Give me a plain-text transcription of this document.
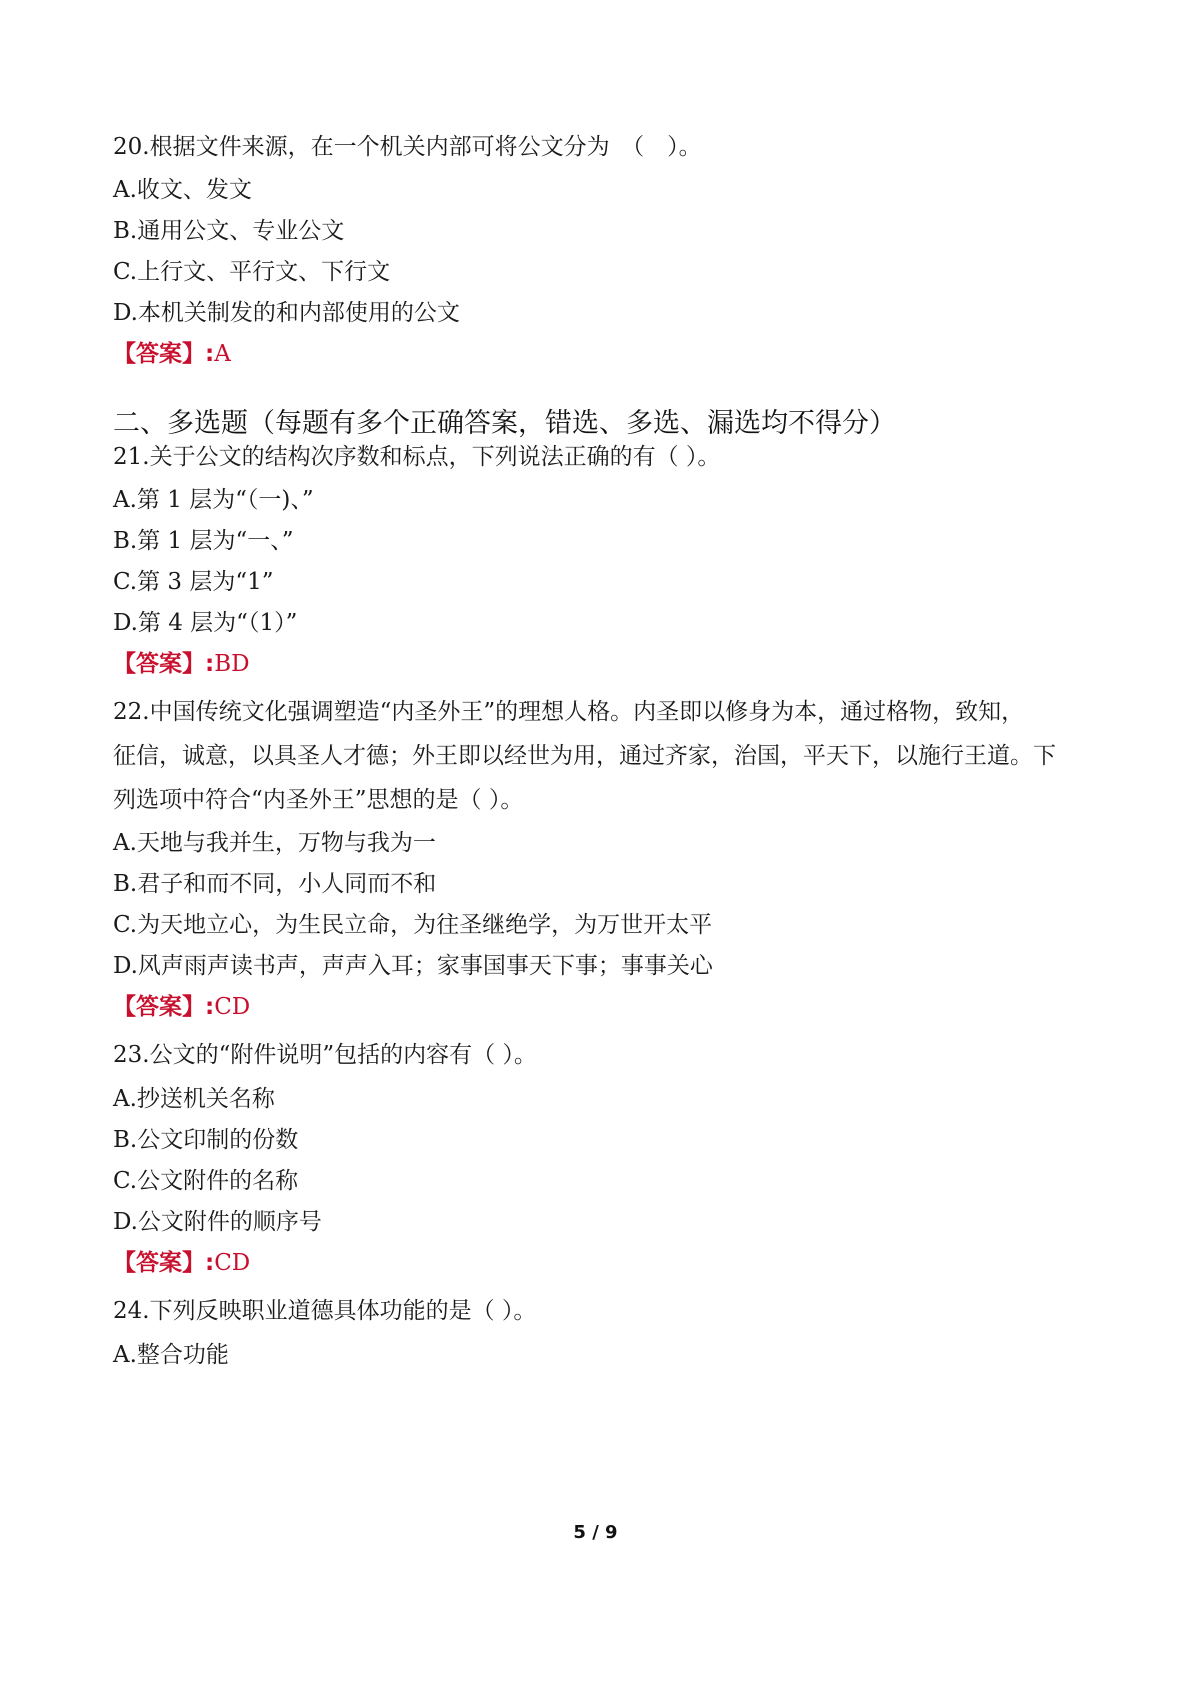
20.根据文件来源，在一个机关内部可将公文分为　（　）。
A.收文、发文
B.通用公文、专业公文
C.上行文、平行文、下行文
D.本机关制发的和内部使用的公文
【答案】:A
二、多选题（每题有多个正确答案，错选、多选、漏选均不得分）
21.关于公文的结构次序数和标点，下列说法正确的有（ ）。
A.第 1 层为“（一)、”
B.第 1 层为“一、”
C.第 3 层为“1”
D.第 4 层为“（1）”
【答案】:BD
22.中国传统文化强调塑造“内圣外王”的理想人格。内圣即以修身为本，通过格物，致知，
征信，诚意，以具圣人才德；外王即以经世为用，通过齐家，治国，平天下，以施行王道。下
列选项中符合“内圣外王”思想的是（ ）。
A.天地与我并生，万物与我为一
B.君子和而不同，小人同而不和
C.为天地立心，为生民立命，为往圣继绝学，为万世开太平
D.风声雨声读书声，声声入耳；家事国事天下事；事事关心
【答案】:CD
23.公文的“附件说明”包括的内容有（ ）。
A.抄送机关名称
B.公文印制的份数
C.公文附件的名称
D.公文附件的顺序号
【答案】:CD
24.下列反映职业道德具体功能的是（ ）。
A.整合功能
5 / 9
